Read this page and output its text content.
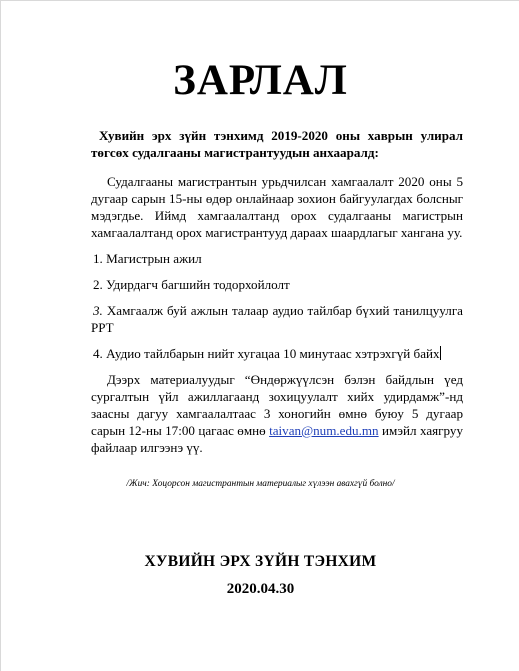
ЗАРЛАЛ

Хувийн эрх зүйн тэнхимд 2019-2020 оны хаврын улирал төгсөх судалгааны магистрантуудын анхааралд:

Судалгааны магистрантын урьдчилсан хамгаалалт 2020 оны 5 дугаар сарын 15-ны өдөр онлайнаар зохион байгуулагдах болсныг мэдэгдье. Иймд хамгаалалтанд орох судалгааны магистрын хамгаалалтанд орох магистрантууд дараах шаардлагыг хангана уу.

1. Магистрын ажил

2. Удирдагч багшийн тодорхойлолт

3. Хамгаалж буй ажлын талаар аудио тайлбар бүхий танилцуулга PPT

4. Аудио тайлбарын нийт хугацаа 10 минутаас хэтрэхгүй байх

Дээрх материалуудыг “Өндөржүүлсэн бэлэн байдлын үед сургалтын үйл ажиллагаанд зохицуулалт хийх удирдамж”-нд заасны дагуу хамгаалалтаас 3 хоногийн өмнө буюу 5 дугаар сарын 12-ны 17:00 цагаас өмнө taivan@num.edu.mn имэйл хаягруу файлаар илгээнэ үү.

/Жич: Хоцорсон магистрантын материалыг хүлээн авахгүй болно/
ХУВИЙН ЭРХ ЗҮЙН ТЭНХИМ
2020.04.30
